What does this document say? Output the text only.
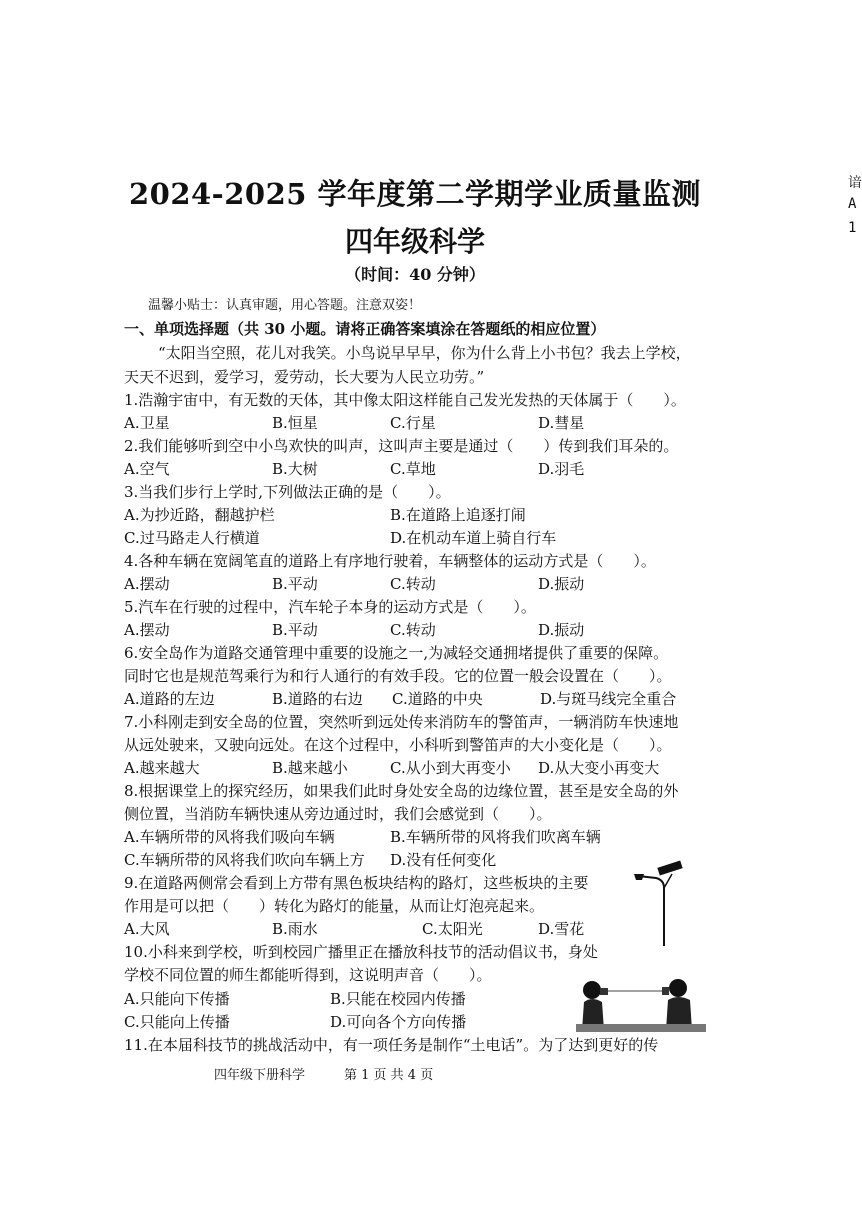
2024-2025 学年度第二学期学业质量监测
四年级科学
（时间：40 分钟）
谙
A
1
温馨小贴士：认真审题，用心答题。注意双姿！
一、单项选择题（共 30 小题。请将正确答案填涂在答题纸的相应位置）
“太阳当空照，花儿对我笑。小鸟说早早早，你为什么背上小书包？我去上学校，
天天不迟到，爱学习，爱劳动，长大要为人民立功劳。”
1.浩瀚宇宙中，有无数的天体，其中像太阳这样能自己发光发热的天体属于（　　）。
A.卫星	B.恒星	C.行星	D.彗星
2.我们能够听到空中小鸟欢快的叫声，这叫声主要是通过（　　）传到我们耳朵的。
A.空气	B.大树	C.草地	D.羽毛
3.当我们步行上学时,下列做法正确的是（　　）。
A.为抄近路，翻越护栏	B.在道路上追逐打闹
C.过马路走人行横道	D.在机动车道上骑自行车
4.各种车辆在宽阔笔直的道路上有序地行驶着，车辆整体的运动方式是（　　）。
A.摆动	B.平动	C.转动	D.振动
5.汽车在行驶的过程中，汽车轮子本身的运动方式是（　　）。
A.摆动	B.平动	C.转动	D.振动
6.安全岛作为道路交通管理中重要的设施之一,为减轻交通拥堵提供了重要的保障。
同时它也是规范驾乘行为和行人通行的有效手段。它的位置一般会设置在（　　）。
A.道路的左边	B.道路的右边 C.道路的中央	D.与斑马线完全重合
7.小科刚走到安全岛的位置，突然听到远处传来消防车的警笛声，一辆消防车快速地
从远处驶来，又驶向远处。在这个过程中，小科听到警笛声的大小变化是（　　）。
A.越来越大	B.越来越小	C.从小到大再变小 D.从大变小再变大
8.根据课堂上的探究经历，如果我们此时身处安全岛的边缘位置，甚至是安全岛的外
侧位置，当消防车辆快速从旁边通过时，我们会感觉到（　　）。
A.车辆所带的风将我们吸向车辆	B.车辆所带的风将我们吹离车辆
C.车辆所带的风将我们吹向车辆上方 D.没有任何变化
9.在道路两侧常会看到上方带有黑色板块结构的路灯，这些板块的主要
作用是可以把（　　）转化为路灯的能量，从而让灯泡亮起来。
A.大风	B.雨水	C.太阳光	D.雪花
10.小科来到学校，听到校园广播里正在播放科技节的活动倡议书，身处
学校不同位置的师生都能听得到，这说明声音（　　）。
A.只能向下传播	B.只能在校园内传播
C.只能向上传播	D.可向各个方向传播
11.在本届科技节的挑战活动中，有一项任务是制作“土电话”。为了达到更好的传
四年级下册科学	第 1 页 共 4 页
